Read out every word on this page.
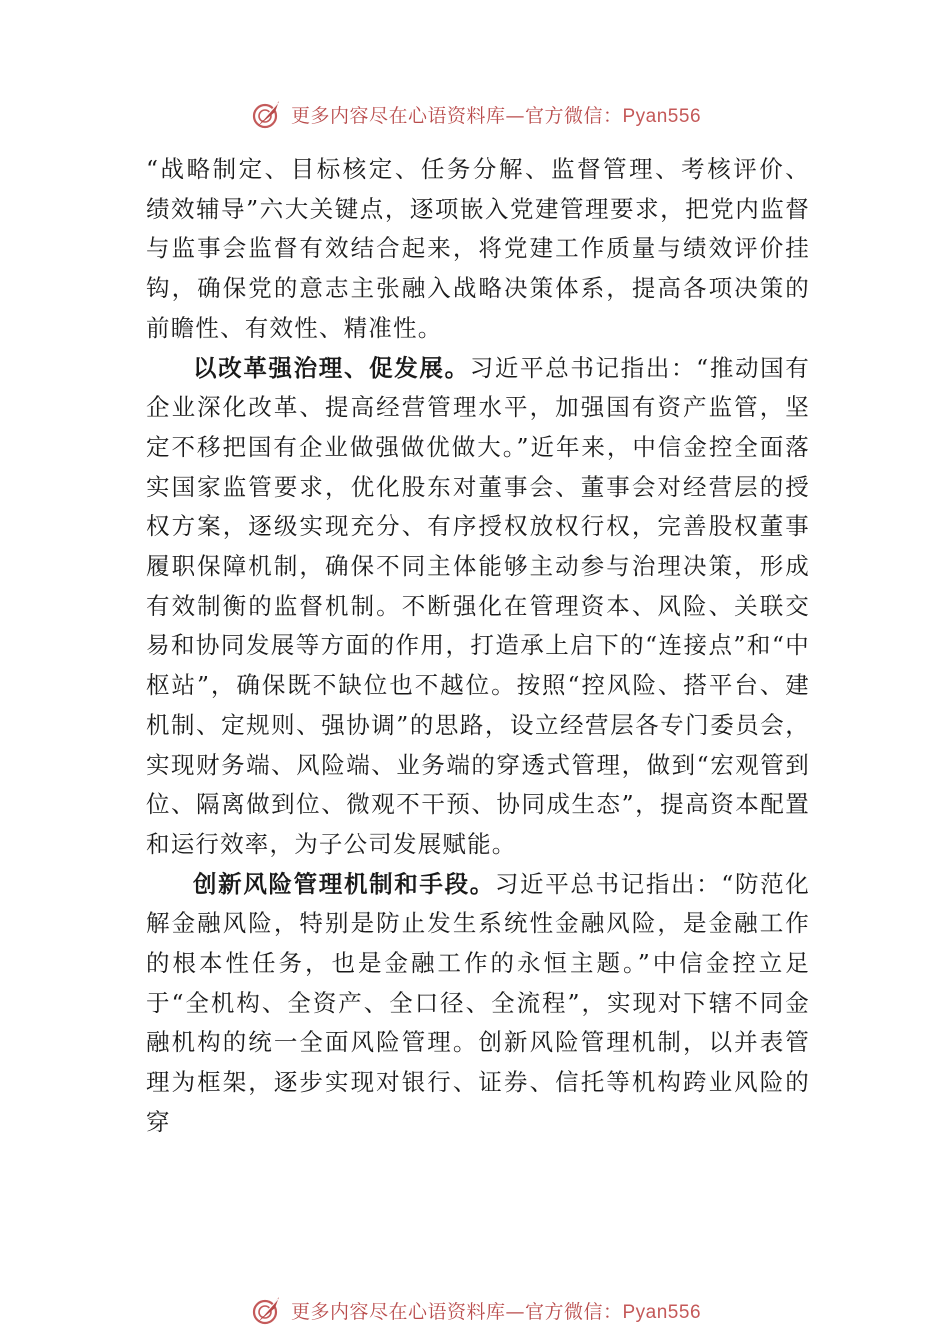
更多内容尽在心语资料库—官方微信：Pyan556

“战略制定、目标核定、任务分解、监督管理、考核评价、 绩效辅导”六大关键点，逐项嵌入党建管理要求，把党内监督与监事会监督有效结合起来，将党建工作质量与绩效评价挂钩，确保党的意志主张融入战略决策体系，提高各项决策的前瞻性、有效性、精准性。

以改革强治理、促发展。习近平总书记指出：“推动国有企业深化改革、提高经营管理水平，加强国有资产监管，坚定不移把国有企业做强做优做大。”近年来，中信金控全面落实国家监管要求，优化股东对董事会、董事会对经营层的授权方案，逐级实现充分、有序授权放权行权，完善股权董事履职保障机制，确保不同主体能够主动参与治理决策，形成有效制衡的监督机制。不断强化在管理资本、风险、关联交易和协同发展等方面的作用，打造承上启下的“连接点”和“中枢站”，确保既不缺位也不越位。按照“控风险、搭平台、建机制、定规则、强协调”的思路，设立经营层各专门委员会，实现财务端、风险端、业务端的穿透式管理，做到“宏观管到位、隔离做到位、微观不干预、协同成生态”，提高资本配置和运行效率，为子公司发展赋能。

创新风险管理机制和手段。习近平总书记指出：“防范化解金融风险，特别是防止发生系统性金融风险，是金融工作的根本性任务，也是金融工作的永恒主题。”中信金控立足于“全机构、全资产、全口径、全流程”，实现对下辖不同金融机构的统一全面风险管理。创新风险管理机制，以并表管理为框架，逐步实现对银行、证券、信托等机构跨业风险的穿

更多内容尽在心语资料库—官方微信：Pyan556
